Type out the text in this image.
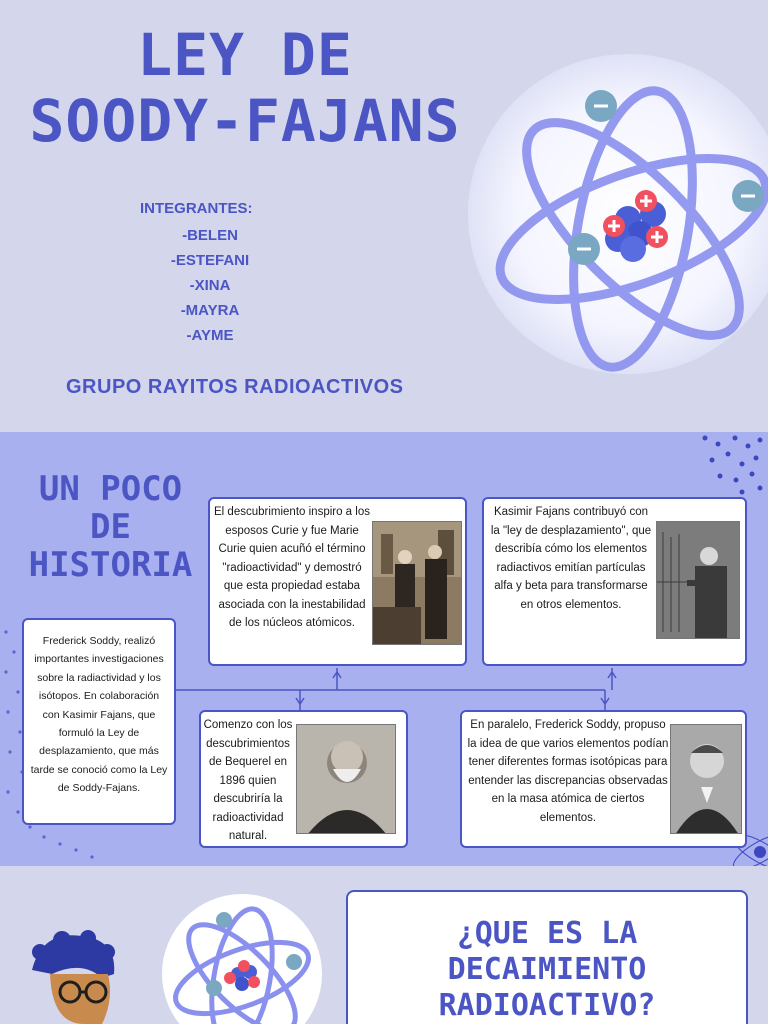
LEY DE
SOODY-FAJANS
INTEGRANTES:
-BELEN
-ESTEFANI
-XINA
-MAYRA
-AYME
GRUPO RAYITOS RADIOACTIVOS
UN POCO
DE
HISTORIA
El descubrimiento inspiro a los esposos Curie y fue Marie Curie quien acuñó el término "radioactividad" y demostró que esta propiedad estaba asociada con la inestabilidad de los núcleos atómicos.
Kasimir Fajans contribuyó con la "ley de desplazamiento", que describía cómo los elementos radiactivos emitían partículas alfa y beta para transformarse en otros elementos.
Frederick Soddy, realizó importantes investigaciones sobre la radiactividad y los isótopos. En colaboración con Kasimir Fajans, que formuló la Ley de desplazamiento, que más tarde se conoció como la Ley de Soddy-Fajans.
Comenzo con los descubrimientos de Bequerel en 1896 quien descubriría la radioactividad natural.
En paralelo, Frederick Soddy, propuso la idea de que varios elementos podían tener diferentes formas isotópicas para entender las discrepancias observadas en la masa atómica de ciertos elementos.
¿QUE ES LA
DECAIMIENTO
RADIOACTIVO?
